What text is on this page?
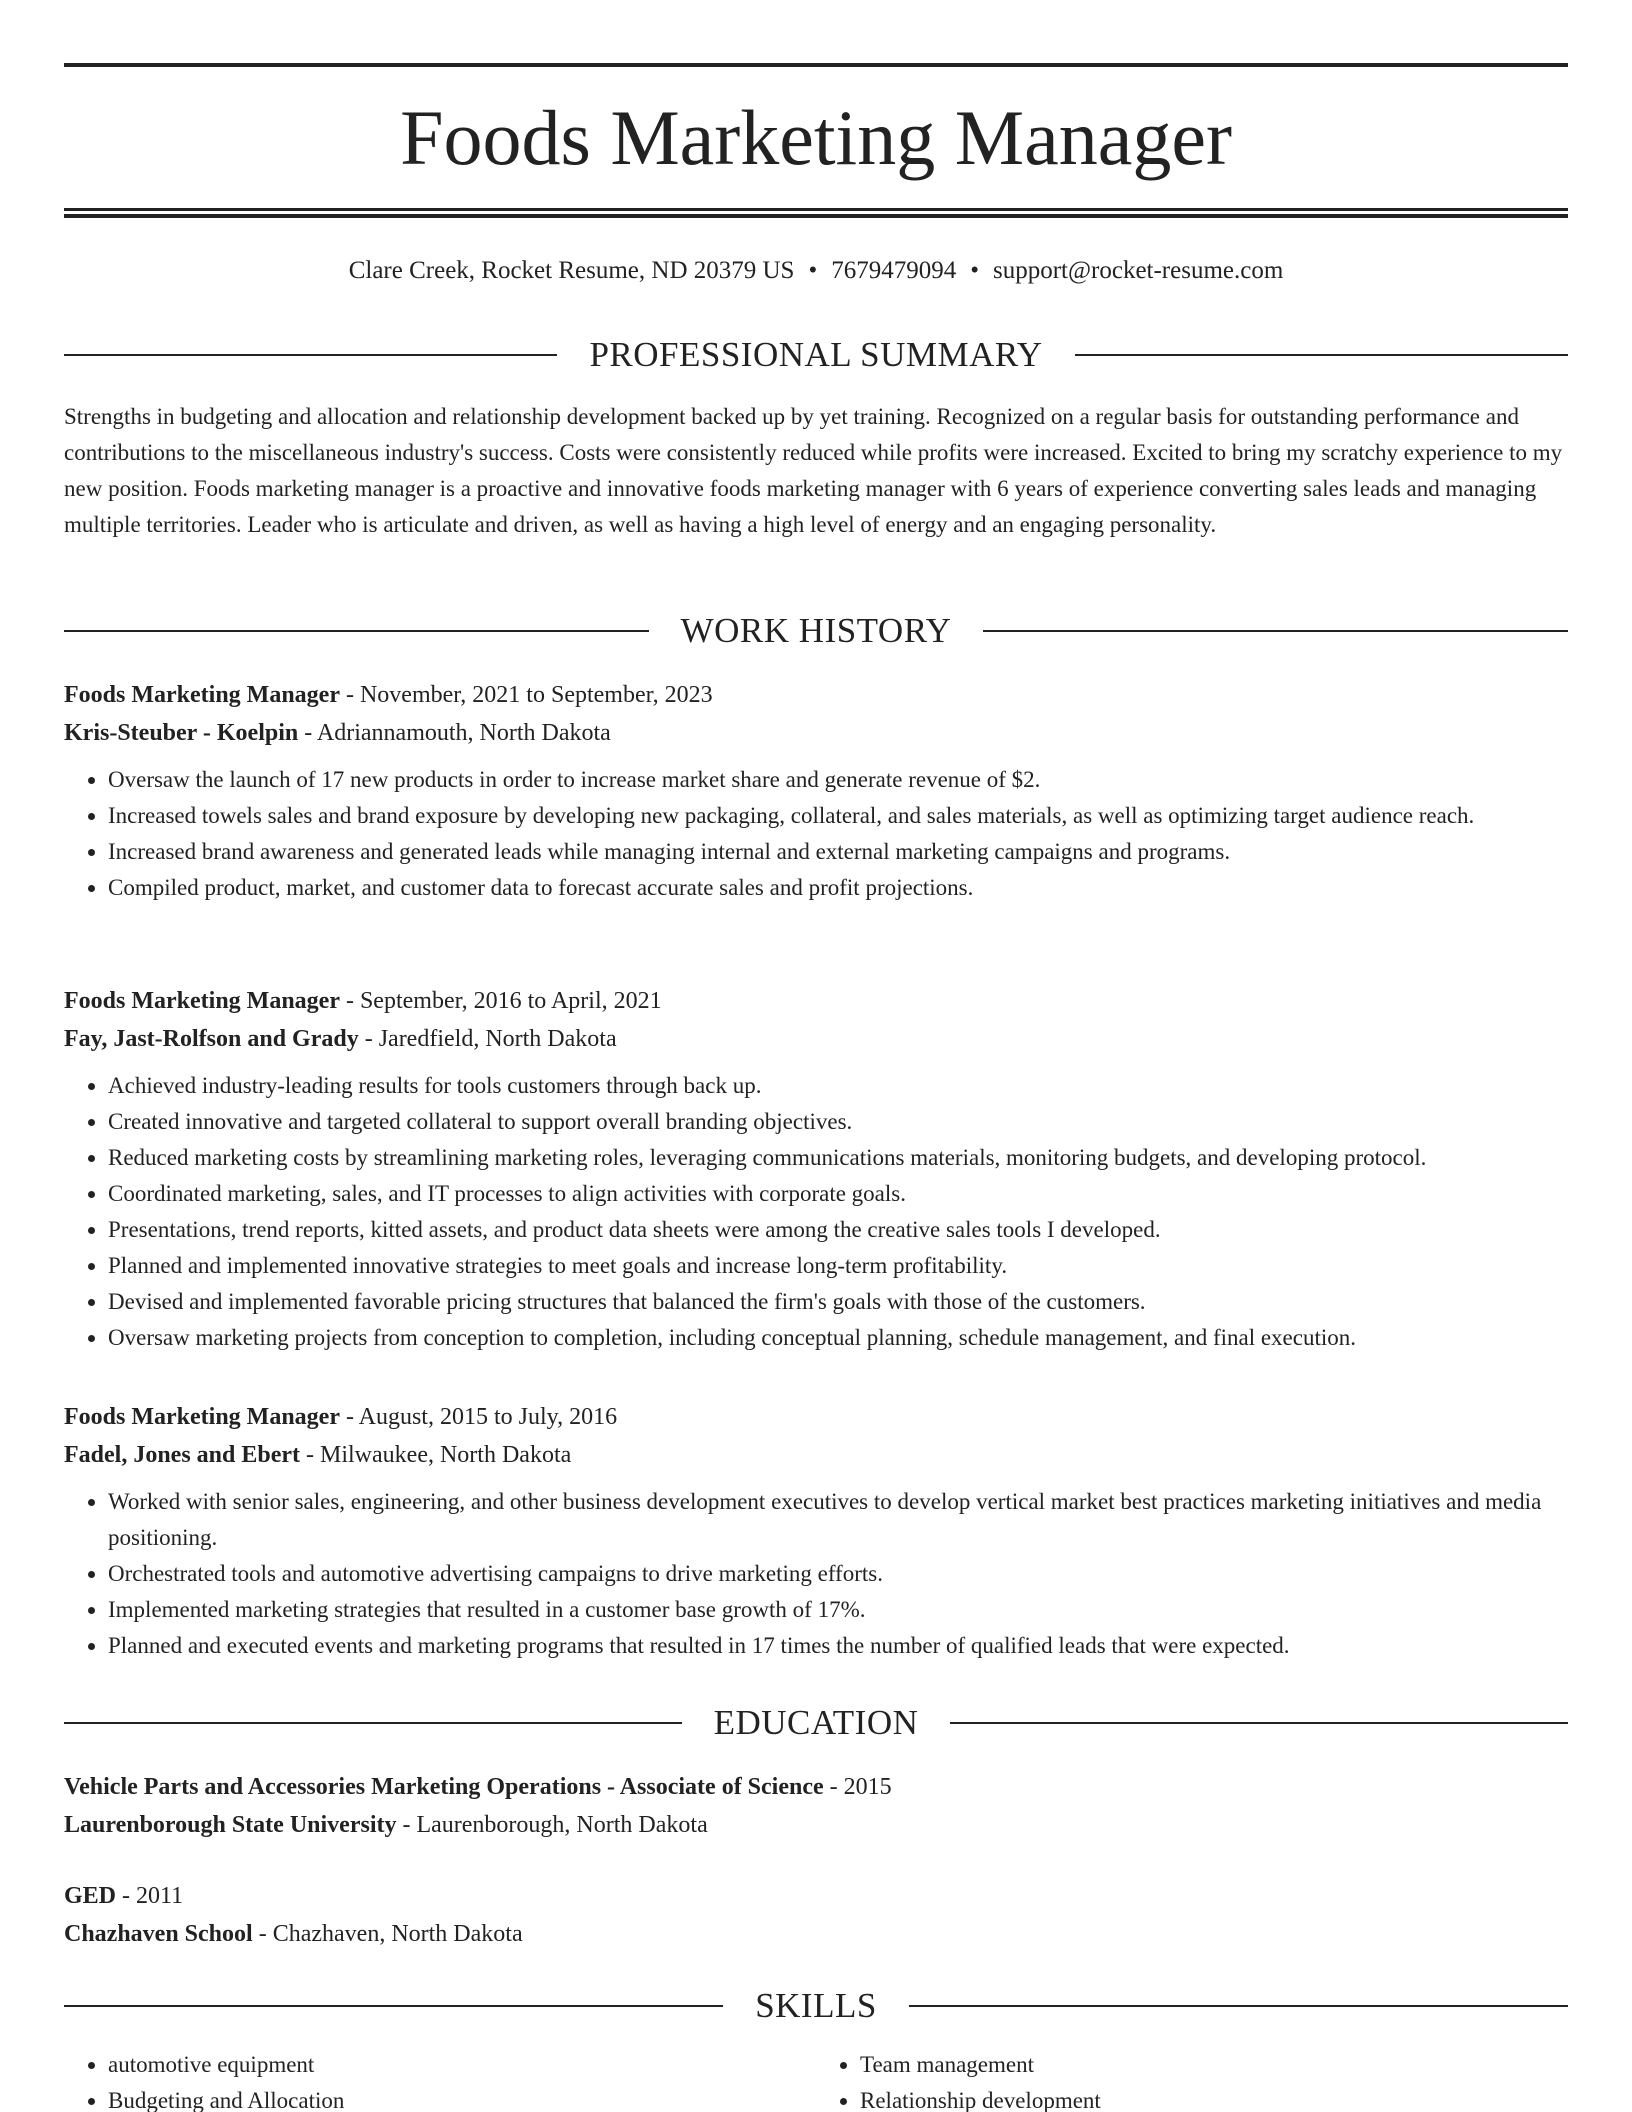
Foods Marketing Manager
Clare Creek, Rocket Resume, ND 20379 US • 7679479094 • support@rocket-resume.com
PROFESSIONAL SUMMARY

Strengths in budgeting and allocation and relationship development backed up by yet training. Recognized on a regular basis for outstanding performance and contributions to the miscellaneous industry's success. Costs were consistently reduced while profits were increased. Excited to bring my scratchy experience to my new position. Foods marketing manager is a proactive and innovative foods marketing manager with 6 years of experience converting sales leads and managing multiple territories. Leader who is articulate and driven, as well as having a high level of energy and an engaging personality.

WORK HISTORY
Foods Marketing Manager - November, 2021 to September, 2023
Kris-Steuber - Koelpin - Adriannamouth, North Dakota
• Oversaw the launch of 17 new products in order to increase market share and generate revenue of $2.
• Increased towels sales and brand exposure by developing new packaging, collateral, and sales materials, as well as optimizing target audience reach.
• Increased brand awareness and generated leads while managing internal and external marketing campaigns and programs.
• Compiled product, market, and customer data to forecast accurate sales and profit projections.
Foods Marketing Manager - September, 2016 to April, 2021
Fay, Jast-Rolfson and Grady - Jaredfield, North Dakota
• Achieved industry-leading results for tools customers through back up.
• Created innovative and targeted collateral to support overall branding objectives.
• Reduced marketing costs by streamlining marketing roles, leveraging communications materials, monitoring budgets, and developing protocol.
• Coordinated marketing, sales, and IT processes to align activities with corporate goals.
• Presentations, trend reports, kitted assets, and product data sheets were among the creative sales tools I developed.
• Planned and implemented innovative strategies to meet goals and increase long-term profitability.
• Devised and implemented favorable pricing structures that balanced the firm's goals with those of the customers.
• Oversaw marketing projects from conception to completion, including conceptual planning, schedule management, and final execution.
Foods Marketing Manager - August, 2015 to July, 2016
Fadel, Jones and Ebert - Milwaukee, North Dakota
• Worked with senior sales, engineering, and other business development executives to develop vertical market best practices marketing initiatives and media positioning.
• Orchestrated tools and automotive advertising campaigns to drive marketing efforts.
• Implemented marketing strategies that resulted in a customer base growth of 17%.
• Planned and executed events and marketing programs that resulted in 17 times the number of qualified leads that were expected.
EDUCATION
Vehicle Parts and Accessories Marketing Operations - Associate of Science - 2015
Laurenborough State University - Laurenborough, North Dakota
GED - 2011
Chazhaven School - Chazhaven, North Dakota
SKILLS
• automotive equipment
• Budgeting and Allocation
• Team management
• Relationship development
